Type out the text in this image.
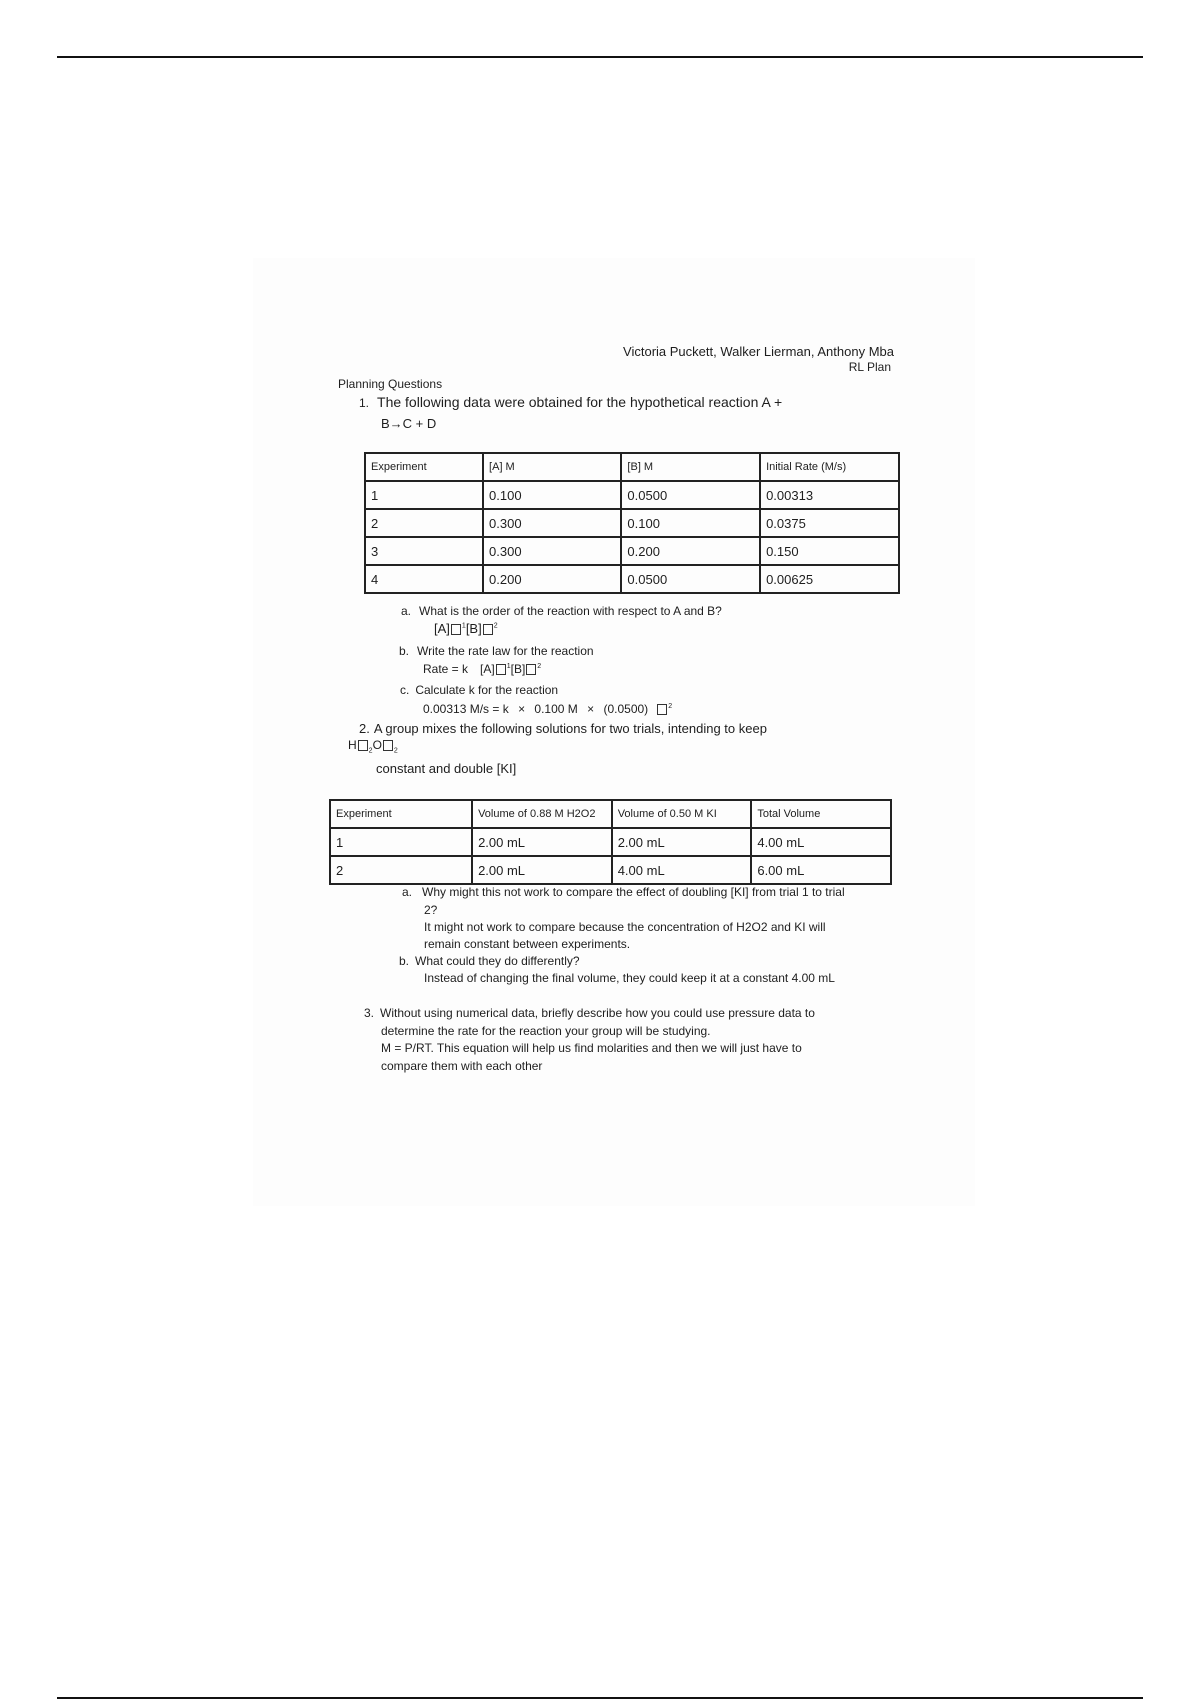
Victoria Puckett, Walker Lierman, Anthony Mba
RL Plan
Planning Questions
1. The following data were obtained for the hypothetical reaction A +
B→C + D
Experiment	[A] M	[B] M	Initial Rate (M/s)
1	0.100	0.0500	0.00313
2	0.300	0.100	0.0375
3	0.300	0.200	0.150
4	0.200	0.0500	0.00625
a. What is the order of the reaction with respect to A and B?
[A] $^1$[B] $^2$
b. Write the rate law for the reaction
Rate = k [A] $^1$[B] $^2$
c. Calculate k for the reaction
0.00313 M/s = k × 0.100 M × (0.0500)	$^2$
2. A group mixes the following solutions for two trials, intending to keep
H $_2$O $_2$
constant and double [KI]
Experiment	Volume of 0.88 M H2O2	Volume of 0.50 M KI	Total Volume
1	2.00 mL	2.00 mL	4.00 mL
2	2.00 mL	4.00 mL	6.00 mL
a. Why might this not work to compare the effect of doubling [KI] from trial 1 to trial
2?
It might not work to compare because the concentration of H2O2 and KI will
remain constant between experiments.
b. What could they do differently?
Instead of changing the final volume, they could keep it at a constant 4.00 mL
3. Without using numerical data, briefly describe how you could use pressure data to
determine the rate for the reaction your group will be studying.
M = P/RT. This equation will help us find molarities and then we will just have to
compare them with each other
